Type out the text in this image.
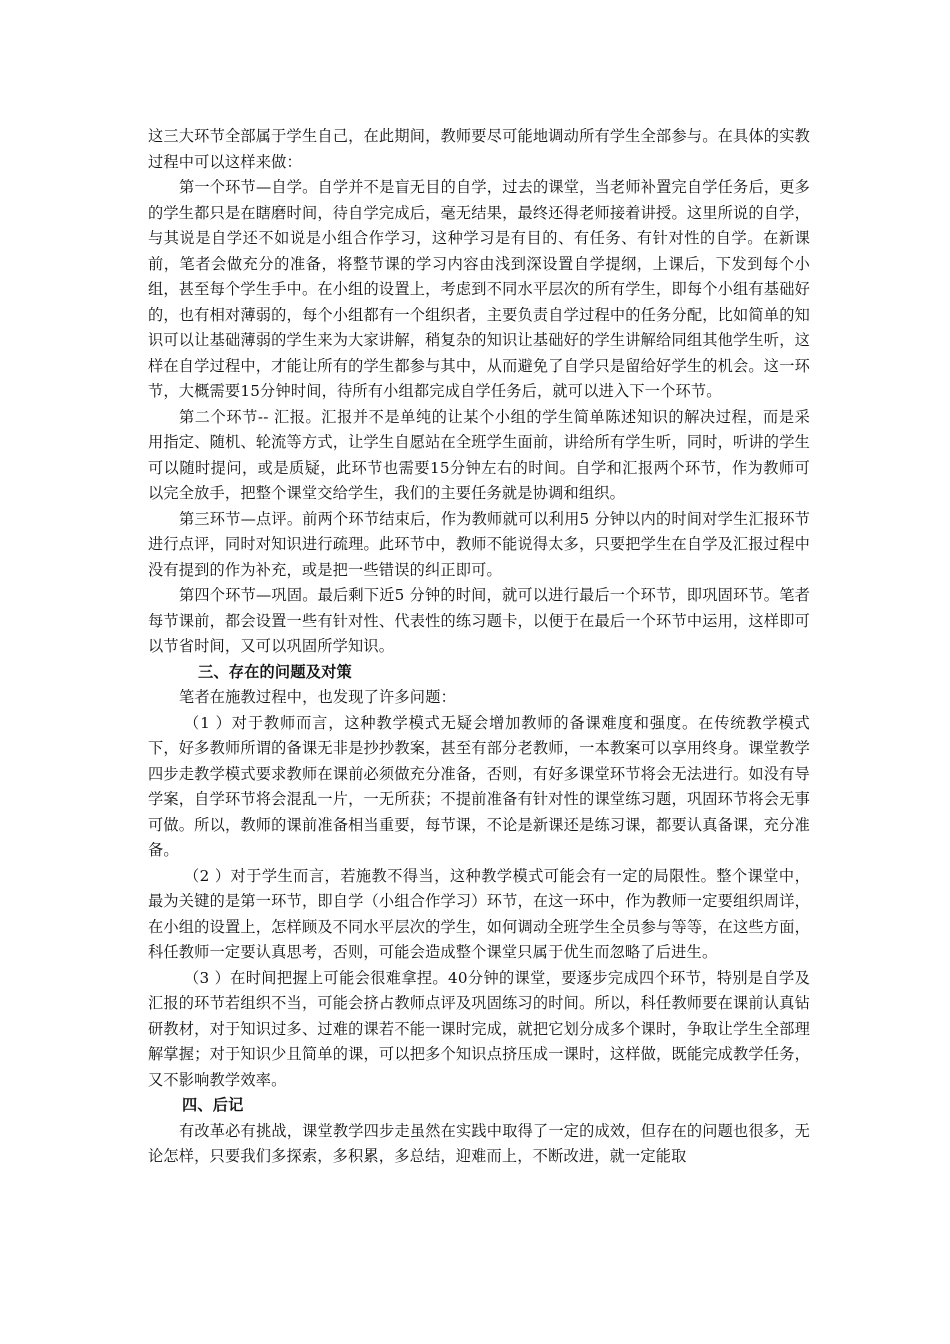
这三大环节全部属于学生自己，在此期间，教师要尽可能地调动所有学生全部参与。在具体的实教过程中可以这样来做：

第一个环节—自学。自学并不是盲无目的自学，过去的课堂，当老师补置完自学任务后，更多的学生都只是在瞎磨时间，待自学完成后，毫无结果，最终还得老师接着讲授。这里所说的自学，与其说是自学还不如说是小组合作学习，这种学习是有目的、有任务、有针对性的自学。在新课前，笔者会做充分的准备，将整节课的学习内容由浅到深设置自学提纲，上课后，下发到每个小组，甚至每个学生手中。在小组的设置上，考虑到不同水平层次的所有学生，即每个小组有基础好的，也有相对薄弱的，每个小组都有一个组织者，主要负责自学过程中的任务分配，比如简单的知识可以让基础薄弱的学生来为大家讲解，稍复杂的知识让基础好的学生讲解给同组其他学生听，这样在自学过程中，才能让所有的学生都参与其中，从而避免了自学只是留给好学生的机会。这一环节，大概需要15分钟时间，待所有小组都完成自学任务后，就可以进入下一个环节。

第二个环节-- 汇报。汇报并不是单纯的让某个小组的学生简单陈述知识的解决过程，而是采用指定、随机、轮流等方式，让学生自愿站在全班学生面前，讲给所有学生听，同时，听讲的学生可以随时提问，或是质疑，此环节也需要15分钟左右的时间。自学和汇报两个环节，作为教师可以完全放手，把整个课堂交给学生，我们的主要任务就是协调和组织。

第三环节—点评。前两个环节结束后，作为教师就可以利用5 分钟以内的时间对学生汇报环节进行点评，同时对知识进行疏理。此环节中，教师不能说得太多，只要把学生在自学及汇报过程中没有提到的作为补充，或是把一些错误的纠正即可。

第四个环节—巩固。最后剩下近5 分钟的时间，就可以进行最后一个环节，即巩固环节。笔者每节课前，都会设置一些有针对性、代表性的练习题卡，以便于在最后一个环节中运用，这样即可以节省时间，又可以巩固所学知识。

三、存在的问题及对策

笔者在施教过程中，也发现了许多问题：

（1 ）对于教师而言，这种教学模式无疑会增加教师的备课难度和强度。在传统教学模式下，好多教师所谓的备课无非是抄抄教案，甚至有部分老教师，一本教案可以享用终身。课堂教学四步走教学模式要求教师在课前必须做充分准备，否则，有好多课堂环节将会无法进行。如没有导学案，自学环节将会混乱一片，一无所获；不提前准备有针对性的课堂练习题，巩固环节将会无事可做。所以，教师的课前准备相当重要，每节课，不论是新课还是练习课，都要认真备课，充分准备。

（2 ）对于学生而言，若施教不得当，这种教学模式可能会有一定的局限性。整个课堂中，最为关键的是第一环节，即自学（小组合作学习）环节，在这一环中，作为教师一定要组织周详，在小组的设置上，怎样顾及不同水平层次的学生，如何调动全班学生全员参与等等，在这些方面，科任教师一定要认真思考，否则，可能会造成整个课堂只属于优生而忽略了后进生。

（3 ）在时间把握上可能会很难拿捏。40分钟的课堂，要逐步完成四个环节，特别是自学及汇报的环节若组织不当，可能会挤占教师点评及巩固练习的时间。所以，科任教师要在课前认真钻研教材，对于知识过多、过难的课若不能一课时完成，就把它划分成多个课时，争取让学生全部理解掌握；对于知识少且简单的课，可以把多个知识点挤压成一课时，这样做，既能完成教学任务，又不影响教学效率。

四、后记

有改革必有挑战，课堂教学四步走虽然在实践中取得了一定的成效，但存在的问题也很多，无论怎样，只要我们多探索，多积累，多总结，迎难而上，不断改进，就一定能取
